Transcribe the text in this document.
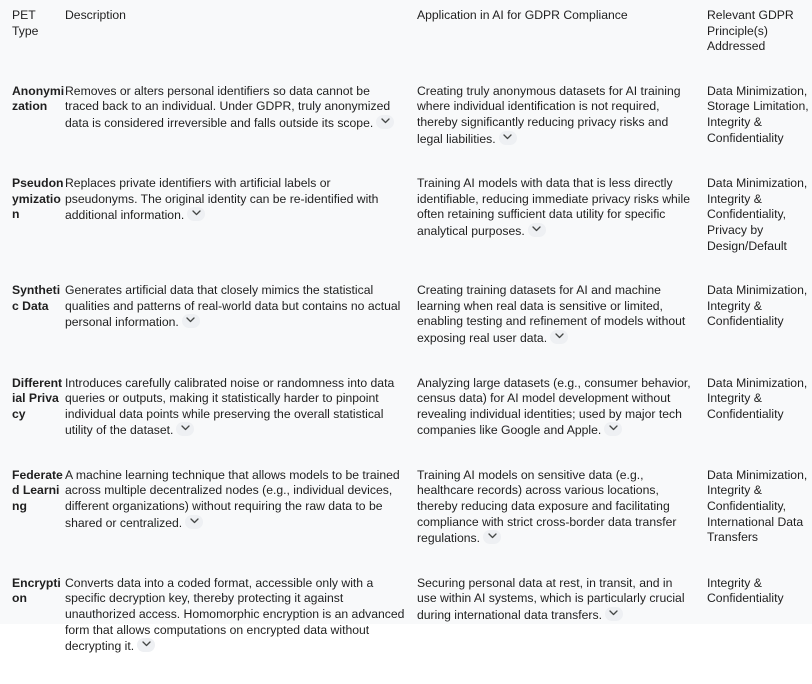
PET Type	Description	Application in AI for GDPR Compliance	Relevant GDPR Principle(s) Addressed
Anonymization	Removes or alters personal identifiers so data cannot be traced back to an individual. Under GDPR, truly anonymized data is considered irreversible and falls outside its scope.	Creating truly anonymous datasets for AI training where individual identification is not required, thereby significantly reducing privacy risks and legal liabilities.	Data Minimization, Storage Limitation, Integrity & Confidentiality
Pseudonymization	Replaces private identifiers with artificial labels or pseudonyms. The original identity can be re-identified with additional information.	Training AI models with data that is less directly identifiable, reducing immediate privacy risks while often retaining sufficient data utility for specific analytical purposes.	Data Minimization, Integrity & Confidentiality, Privacy by Design/Default
Synthetic Data	Generates artificial data that closely mimics the statistical qualities and patterns of real-world data but contains no actual personal information.	Creating training datasets for AI and machine learning when real data is sensitive or limited, enabling testing and refinement of models without exposing real user data.	Data Minimization, Integrity & Confidentiality
Differential Privacy	Introduces carefully calibrated noise or randomness into data queries or outputs, making it statistically harder to pinpoint individual data points while preserving the overall statistical utility of the dataset.	Analyzing large datasets (e.g., consumer behavior, census data) for AI model development without revealing individual identities; used by major tech companies like Google and Apple.	Data Minimization, Integrity & Confidentiality
Federated Learning	A machine learning technique that allows models to be trained across multiple decentralized nodes (e.g., individual devices, different organizations) without requiring the raw data to be shared or centralized.	Training AI models on sensitive data (e.g., healthcare records) across various locations, thereby reducing data exposure and facilitating compliance with strict cross-border data transfer regulations.	Data Minimization, Integrity & Confidentiality, International Data Transfers
Encryption	Converts data into a coded format, accessible only with a specific decryption key, thereby protecting it against unauthorized access. Homomorphic encryption is an advanced form that allows computations on encrypted data without decrypting it.	Securing personal data at rest, in transit, and in use within AI systems, which is particularly crucial during international data transfers.	Integrity & Confidentiality
